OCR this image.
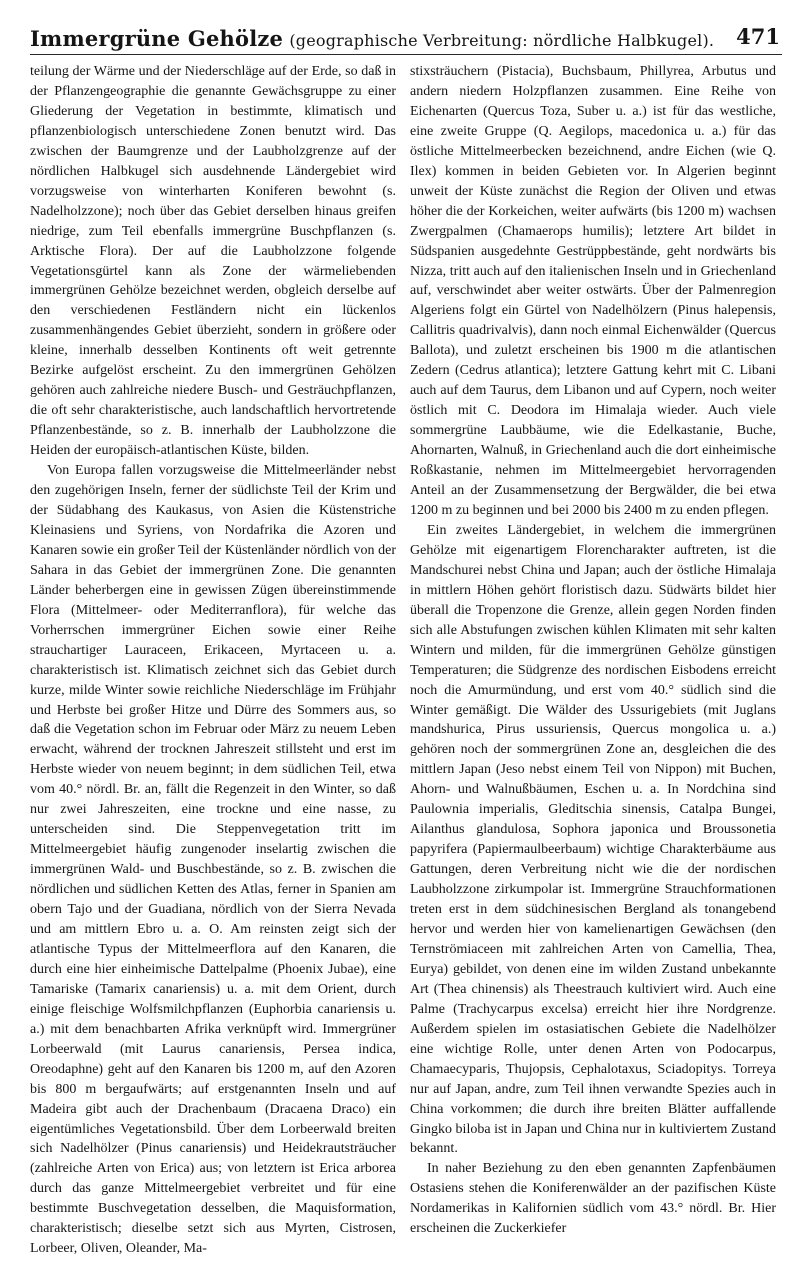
Immergrüne Gehölze (geographische Verbreitung: nördliche Halbkugel). 471

teilung der Wärme und der Niederschläge auf der Erde, so daß in der Pflanzengeographie die genannte Gewächsgruppe zu einer Gliederung der Vegetation in bestimmte, klimatisch und pflanzenbiologisch unterschiedene Zonen benutzt wird. Das zwischen der Baumgrenze und der Laubholzgrenze auf der nördlichen Halbkugel sich ausdehnende Ländergebiet wird vorzugsweise von winterharten Koniferen bewohnt (s. Nadelholzzone); noch über das Gebiet derselben hinaus greifen niedrige, zum Teil ebenfalls immergrüne Buschpflanzen (s. Arktische Flora). Der auf die Laubholzzone folgende Vegetationsgürtel kann als Zone der wärmeliebenden immergrünen Gehölze bezeichnet werden, obgleich derselbe auf den verschiedenen Festländern nicht ein lückenlos zusammenhängendes Gebiet überzieht, sondern in größere oder kleine, innerhalb desselben Kontinents oft weit getrennte Bezirke aufgelöst erscheint. Zu den immergrünen Gehölzen gehören auch zahlreiche niedere Busch- und Gesträuchpflanzen, die oft sehr charakteristische, auch landschaftlich hervortretende Pflanzenbestände, so z. B. innerhalb der Laubholzzone die Heiden der europäisch-atlantischen Küste, bilden.

Von Europa fallen vorzugsweise die Mittelmeerländer nebst den zugehörigen Inseln, ferner der südlichste Teil der Krim und der Südabhang des Kaukasus, von Asien die Küstenstriche Kleinasiens und Syriens, von Nordafrika die Azoren und Kanaren sowie ein großer Teil der Küstenländer nördlich von der Sahara in das Gebiet der immergrünen Zone. Die genannten Länder beherbergen eine in gewissen Zügen übereinstimmende Flora (Mittelmeer- oder Mediterranflora), für welche das Vorherrschen immergrüner Eichen sowie einer Reihe strauchartiger Lauraceen, Erikaceen, Myrtaceen u. a. charakteristisch ist. Klimatisch zeichnet sich das Gebiet durch kurze, milde Winter sowie reichliche Niederschläge im Frühjahr und Herbste bei großer Hitze und Dürre des Sommers aus, so daß die Vegetation schon im Februar oder März zu neuem Leben erwacht, während der trocknen Jahreszeit stillsteht und erst im Herbste wieder von neuem beginnt; in dem südlichen Teil, etwa vom 40.° nördl. Br. an, fällt die Regenzeit in den Winter, so daß nur zwei Jahreszeiten, eine trockne und eine nasse, zu unterscheiden sind. Die Steppenvegetation tritt im Mittelmeergebiet häufig zungenoder inselartig zwischen die immergrünen Wald- und Buschbestände, so z. B. zwischen die nördlichen und südlichen Ketten des Atlas, ferner in Spanien am obern Tajo und der Guadiana, nördlich von der Sierra Nevada und am mittlern Ebro u. a. O. Am reinsten zeigt sich der atlantische Typus der Mittelmeerflora auf den Kanaren, die durch eine hier einheimische Dattelpalme (Phoenix Jubae), eine Tamariske (Tamarix canariensis) u. a. mit dem Orient, durch einige fleischige Wolfsmilchpflanzen (Euphorbia canariensis u. a.) mit dem benachbarten Afrika verknüpft wird. Immergrüner Lorbeerwald (mit Laurus canariensis, Persea indica, Oreodaphne) geht auf den Kanaren bis 1200 m, auf den Azoren bis 800 m bergaufwärts; auf erstgenannten Inseln und auf Madeira gibt auch der Drachenbaum (Dracaena Draco) ein eigentümliches Vegetationsbild. Über dem Lorbeerwald breiten sich Nadelhölzer (Pinus canariensis) und Heidekrautsträucher (zahlreiche Arten von Erica) aus; von letztern ist Erica arborea durch das ganze Mittelmeergebiet verbreitet und für eine bestimmte Buschvegetation desselben, die Maquisformation, charakteristisch; dieselbe setzt sich aus Myrten, Cistrosen, Lorbeer, Oliven, Oleander, Ma-

stixsträuchern (Pistacia), Buchsbaum, Phillyrea, Arbutus und andern niedern Holzpflanzen zusammen. Eine Reihe von Eichenarten (Quercus Toza, Suber u. a.) ist für das westliche, eine zweite Gruppe (Q. Aegilops, macedonica u. a.) für das östliche Mittelmeerbecken bezeichnend, andre Eichen (wie Q. Ilex) kommen in beiden Gebieten vor. In Algerien beginnt unweit der Küste zunächst die Region der Oliven und etwas höher die der Korkeichen, weiter aufwärts (bis 1200 m) wachsen Zwergpalmen (Chamaerops humilis); letztere Art bildet in Südspanien ausgedehnte Gestrüppbestände, geht nordwärts bis Nizza, tritt auch auf den italienischen Inseln und in Griechenland auf, verschwindet aber weiter ostwärts. Über der Palmenregion Algeriens folgt ein Gürtel von Nadelhölzern (Pinus halepensis, Callitris quadrivalvis), dann noch einmal Eichenwälder (Quercus Ballota), und zuletzt erscheinen bis 1900 m die atlantischen Zedern (Cedrus atlantica); letztere Gattung kehrt mit C. Libani auch auf dem Taurus, dem Libanon und auf Cypern, noch weiter östlich mit C. Deodora im Himalaja wieder. Auch viele sommergrüne Laubbäume, wie die Edelkastanie, Buche, Ahornarten, Walnuß, in Griechenland auch die dort einheimische Roßkastanie, nehmen im Mittelmeergebiet hervorragenden Anteil an der Zusammensetzung der Bergwälder, die bei etwa 1200 m zu beginnen und bei 2000 bis 2400 m zu enden pflegen.

Ein zweites Ländergebiet, in welchem die immergrünen Gehölze mit eigenartigem Florencharakter auftreten, ist die Mandschurei nebst China und Japan; auch der östliche Himalaja in mittlern Höhen gehört floristisch dazu. Südwärts bildet hier überall die Tropenzone die Grenze, allein gegen Norden finden sich alle Abstufungen zwischen kühlen Klimaten mit sehr kalten Wintern und milden, für die immergrünen Gehölze günstigen Temperaturen; die Südgrenze des nordischen Eisbodens erreicht noch die Amurmündung, und erst vom 40.° südlich sind die Winter gemäßigt. Die Wälder des Ussurigebiets (mit Juglans mandshurica, Pirus ussuriensis, Quercus mongolica u. a.) gehören noch der sommergrünen Zone an, desgleichen die des mittlern Japan (Jeso nebst einem Teil von Nippon) mit Buchen, Ahorn- und Walnußbäumen, Eschen u. a. In Nordchina sind Paulownia imperialis, Gleditschia sinensis, Catalpa Bungei, Ailanthus glandulosa, Sophora japonica und Broussonetia papyrifera (Papiermaulbeerbaum) wichtige Charakterbäume aus Gattungen, deren Verbreitung nicht wie die der nordischen Laubholzzone zirkumpolar ist. Immergrüne Strauchformationen treten erst in dem südchinesischen Bergland als tonangebend hervor und werden hier von kamelienartigen Gewächsen (den Ternströmiaceen mit zahlreichen Arten von Camellia, Thea, Eurya) gebildet, von denen eine im wilden Zustand unbekannte Art (Thea chinensis) als Theestrauch kultiviert wird. Auch eine Palme (Trachycarpus excelsa) erreicht hier ihre Nordgrenze. Außerdem spielen im ostasiatischen Gebiete die Nadelhölzer eine wichtige Rolle, unter denen Arten von Podocarpus, Chamaecyparis, Thujopsis, Cephalotaxus, Sciadopitys. Torreya nur auf Japan, andre, zum Teil ihnen verwandte Spezies auch in China vorkommen; die durch ihre breiten Blätter auffallende Gingko biloba ist in Japan und China nur in kultiviertem Zustand bekannt.

In naher Beziehung zu den eben genannten Zapfenbäumen Ostasiens stehen die Koniferenwälder an der pazifischen Küste Nordamerikas in Kalifornien südlich vom 43.° nördl. Br. Hier erscheinen die Zuckerkiefer
